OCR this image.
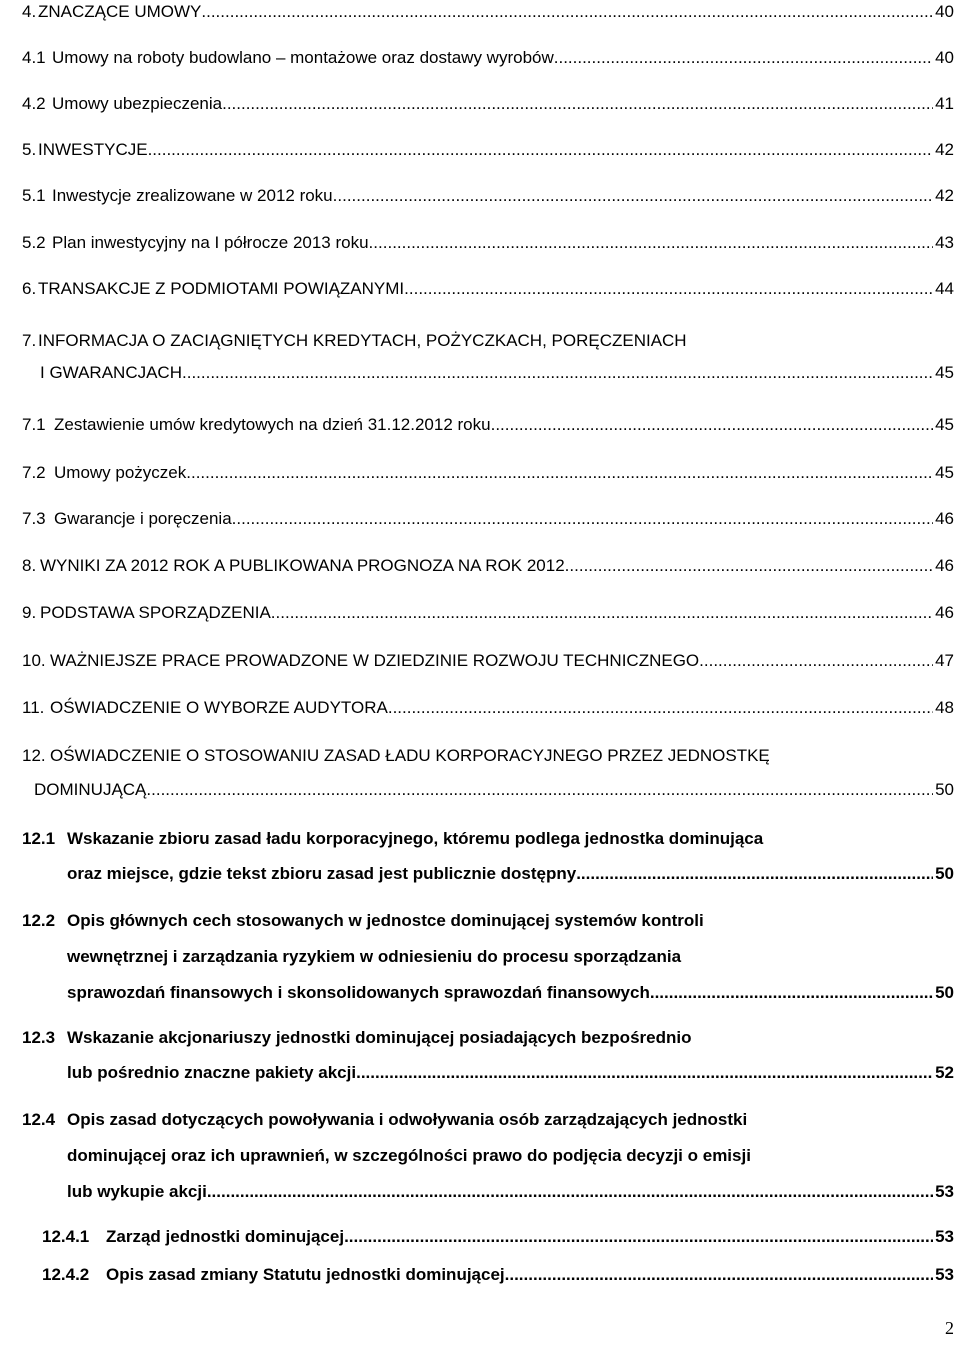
4. ZNACZĄCE UMOWY .....	40
4.1 Umowy na roboty budowlano – montażowe oraz dostawy wyrobów .....	40
4.2 Umowy ubezpieczenia .....	41
5. INWESTYCJE .....	42
5.1 Inwestycje zrealizowane w 2012 roku .....	42
5.2 Plan inwestycyjny na I półrocze 2013 roku. .....	43
6. TRANSAKCJE Z PODMIOTAMI POWIĄZANYMI .....	44
7. INFORMACJA O ZACIĄGNIĘTYCH KREDYTACH, POŻYCZKACH, PORĘCZENIACH
I GWARANCJACH .....	45
7.1 Zestawienie umów kredytowych na dzień 31.12.2012 roku .....	45
7.2 Umowy pożyczek .....	45
7.3 Gwarancje i poręczenia .....	46
8. WYNIKI ZA 2012 ROK A PUBLIKOWANA PROGNOZA NA ROK 2012 .....	46
9. PODSTAWA SPORZĄDZENIA .....	46
10. WAŻNIEJSZE PRACE PROWADZONE W DZIEDZINIE ROZWOJU TECHNICZNEGO .....	47
11. OŚWIADCZENIE O WYBORZE AUDYTORA .....	48
12. OŚWIADCZENIE O STOSOWANIU ZASAD ŁADU KORPORACYJNEGO PRZEZ JEDNOSTKĘ
DOMINUJĄCĄ .....	50
12.1 Wskazanie zbioru zasad ładu korporacyjnego, któremu podlega jednostka dominująca
oraz miejsce, gdzie tekst zbioru zasad jest publicznie dostępny .....	50
12.2 Opis głównych cech stosowanych w jednostce dominującej systemów kontroli
wewnętrznej i zarządzania ryzykiem w odniesieniu do procesu sporządzania
sprawozdań finansowych i skonsolidowanych sprawozdań finansowych .....	50
12.3 Wskazanie akcjonariuszy jednostki dominującej posiadających bezpośrednio
lub pośrednio znaczne pakiety akcji .....	52
12.4 Opis zasad dotyczących powoływania i odwoływania osób zarządzających jednostki
dominującej oraz ich uprawnień, w szczególności prawo do podjęcia decyzji o emisji
lub wykupie akcji .....	53
12.4.1 Zarząd jednostki dominującej .....	53
12.4.2 Opis zasad zmiany Statutu jednostki dominującej .....	53
2
